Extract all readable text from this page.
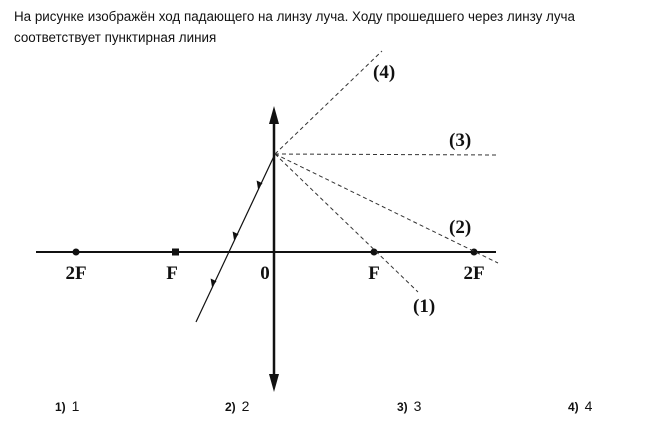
На рисунке изображён ход падающего на линзу луча. Ходу прошедшего через линзу луча
соответствует пунктирная линия
2F	F	0	F	2F
(4)
(3)
(2)
(1)
1) 1	2) 2	3) 3	4) 4
